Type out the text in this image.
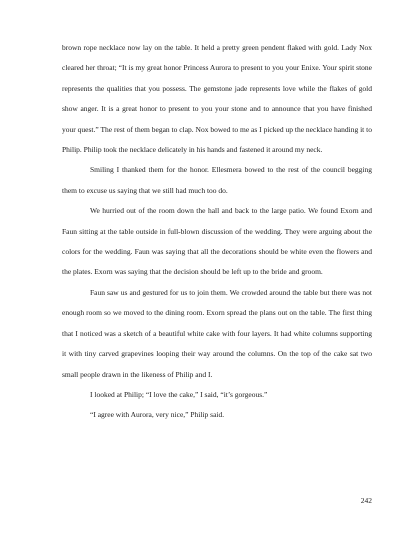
brown rope necklace now lay on the table. It held a pretty green pendent flaked with gold. Lady Nox cleared her throat; “It is my great honor Princess Aurora to present to you your Enixe. Your spirit stone represents the qualities that you possess. The gemstone jade represents love while the flakes of gold show anger. It is a great honor to present to you your stone and to announce that you have finished your quest.” The rest of them began to clap. Nox bowed to me as I picked up the necklace handing it to Philip. Philip took the necklace delicately in his hands and fastened it around my neck.

Smiling I thanked them for the honor. Ellesmera bowed to the rest of the council begging them to excuse us saying that we still had much too do.

We hurried out of the room down the hall and back to the large patio. We found Exorn and Faun sitting at the table outside in full-blown discussion of the wedding. They were arguing about the colors for the wedding. Faun was saying that all the decorations should be white even the flowers and the plates. Exorn was saying that the decision should be left up to the bride and groom.

Faun saw us and gestured for us to join them. We crowded around the table but there was not enough room so we moved to the dining room. Exorn spread the plans out on the table. The first thing that I noticed was a sketch of a beautiful white cake with four layers. It had white columns supporting it with tiny carved grapevines looping their way around the columns. On the top of the cake sat two small people drawn in the likeness of Philip and I.

I looked at Philip; “I love the cake,” I said, “it’s gorgeous.”

“I agree with Aurora, very nice,” Philip said.

242
